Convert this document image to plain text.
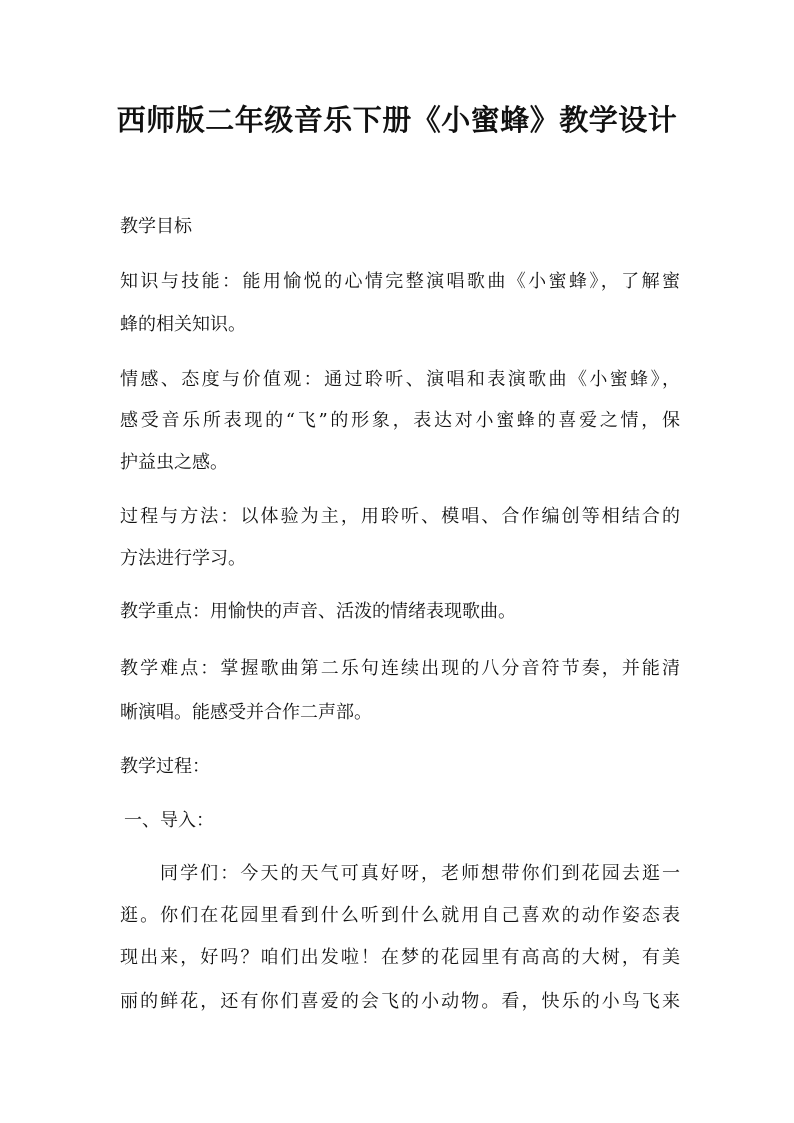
西师版二年级音乐下册《小蜜蜂》教学设计
教学目标
知识与技能：能用愉悦的心情完整演唱歌曲《小蜜蜂》，了解蜜
蜂的相关知识。
情感、态度与价值观：通过聆听、演唱和表演歌曲《小蜜蜂》，
感受音乐所表现的“飞”的形象，表达对小蜜蜂的喜爱之情，保
护益虫之感。
过程与方法：以体验为主，用聆听、模唱、合作编创等相结合的
方法进行学习。
教学重点：用愉快的声音、活泼的情绪表现歌曲。
教学难点：掌握歌曲第二乐句连续出现的八分音符节奏，并能清
晰演唱。能感受并合作二声部。
教学过程：
一、导入：
同学们：今天的天气可真好呀，老师想带你们到花园去逛一
逛。你们在花园里看到什么听到什么就用自己喜欢的动作姿态表
现出来，好吗？咱们出发啦！在梦的花园里有高高的大树，有美
丽的鲜花，还有你们喜爱的会飞的小动物。看，快乐的小鸟飞来
